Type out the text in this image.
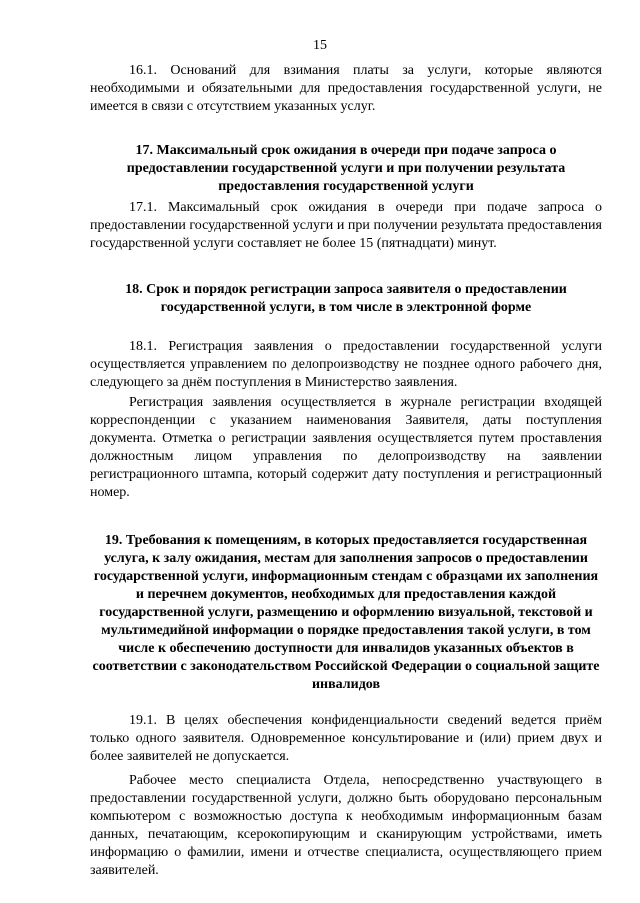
15

16.1. Оснований для взимания платы за услуги, которые являются необходимыми и обязательными для предоставления государственной услуги, не имеется в связи с отсутствием указанных услуг.

17. Максимальный срок ожидания в очереди при подаче запроса о предоставлении государственной услуги и при получении результата предоставления государственной услуги

17.1. Максимальный срок ожидания в очереди при подаче запроса о предоставлении государственной услуги и при получении результата предоставления государственной услуги составляет не более 15 (пятнадцати) минут.

18. Срок и порядок регистрации запроса заявителя о предоставлении государственной услуги, в том числе в электронной форме

18.1. Регистрация заявления о предоставлении государственной услуги осуществляется управлением по делопроизводству не позднее одного рабочего дня, следующего за днём поступления в Министерство заявления.

Регистрация заявления осуществляется в журнале регистрации входящей корреспонденции с указанием наименования Заявителя, даты поступления документа. Отметка о регистрации заявления осуществляется путем проставления должностным лицом управления по делопроизводству на заявлении регистрационного штампа, который содержит дату поступления и регистрационный номер.

19. Требования к помещениям, в которых предоставляется государственная услуга, к залу ожидания, местам для заполнения запросов о предоставлении государственной услуги, информационным стендам с образцами их заполнения и перечнем документов, необходимых для предоставления каждой государственной услуги, размещению и оформлению визуальной, текстовой и мультимедийной информации о порядке предоставления такой услуги, в том числе к обеспечению доступности для инвалидов указанных объектов в соответствии с законодательством Российской Федерации о социальной защите инвалидов

19.1. В целях обеспечения конфиденциальности сведений ведется приём только одного заявителя. Одновременное консультирование и (или) прием двух и более заявителей не допускается.

Рабочее место специалиста Отдела, непосредственно участвующего в предоставлении государственной услуги, должно быть оборудовано персональным компьютером с возможностью доступа к необходимым информационным базам данных, печатающим, ксерокопирующим и сканирующим устройствами, иметь информацию о фамилии, имени и отчестве специалиста, осуществляющего прием заявителей.
